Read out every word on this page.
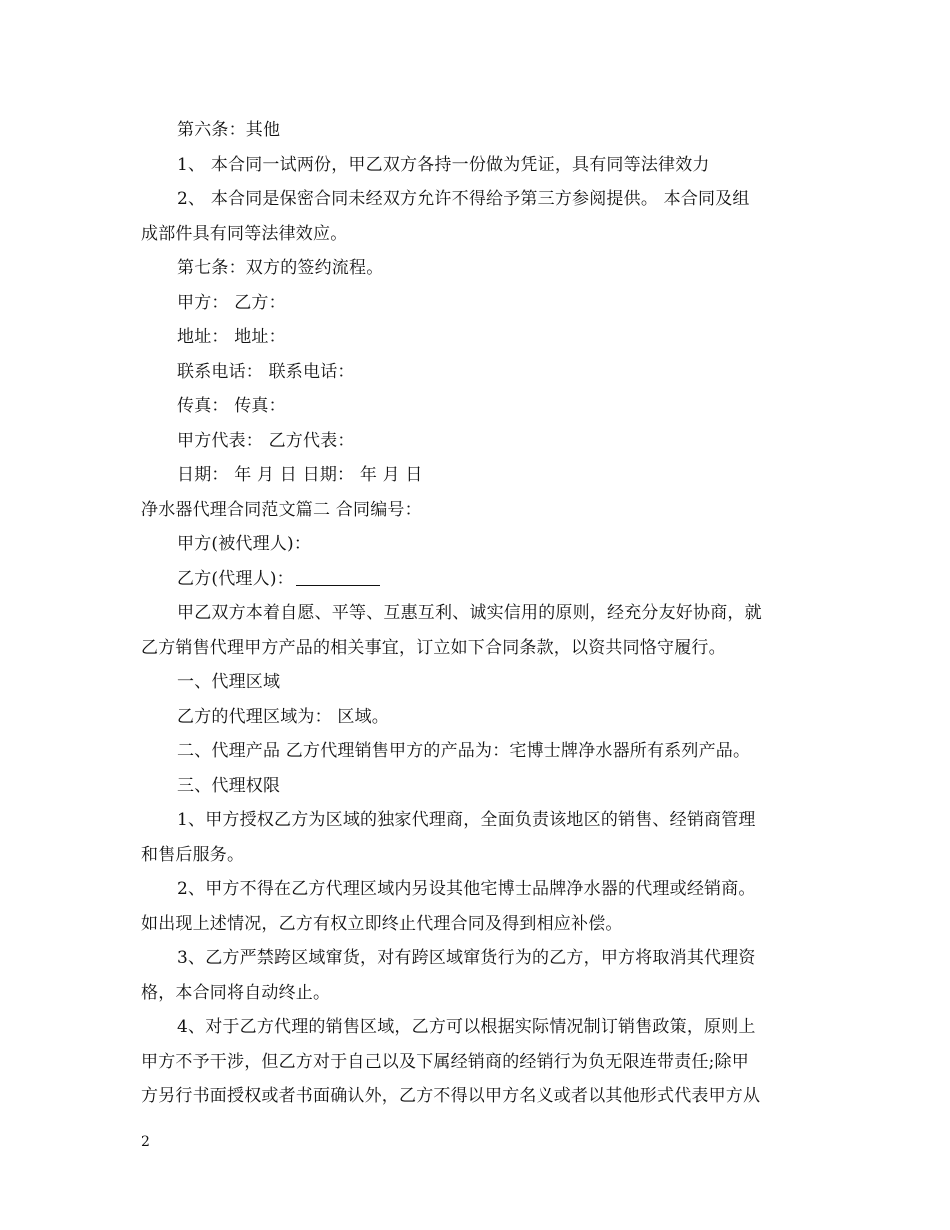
第六条：其他
1、 本合同一试两份，甲乙双方各持一份做为凭证，具有同等法律效力
2、 本合同是保密合同未经双方允许不得给予第三方参阅提供。 本合同及组
成部件具有同等法律效应。
第七条：双方的签约流程。
甲方： 乙方：
地址： 地址：
联系电话： 联系电话：
传真： 传真：
甲方代表： 乙方代表：
日期： 年 月 日 日期： 年 月 日
净水器代理合同范文篇二 合同编号：
甲方(被代理人)：
乙方(代理人)：
甲乙双方本着自愿、平等、互惠互利、诚实信用的原则，经充分友好协商，就
乙方销售代理甲方产品的相关事宜，订立如下合同条款，以资共同恪守履行。
一、代理区域
乙方的代理区域为： 区域。
二、代理产品 乙方代理销售甲方的产品为：宅博士牌净水器所有系列产品。
三、代理权限
1、甲方授权乙方为区域的独家代理商，全面负责该地区的销售、经销商管理
和售后服务。
2、甲方不得在乙方代理区域内另设其他宅博士品牌净水器的代理或经销商。
如出现上述情况，乙方有权立即终止代理合同及得到相应补偿。
3、乙方严禁跨区域窜货，对有跨区域窜货行为的乙方，甲方将取消其代理资
格，本合同将自动终止。
4、对于乙方代理的销售区域，乙方可以根据实际情况制订销售政策，原则上
甲方不予干涉，但乙方对于自己以及下属经销商的经销行为负无限连带责任;除甲
方另行书面授权或者书面确认外，乙方不得以甲方名义或者以其他形式代表甲方从
2
